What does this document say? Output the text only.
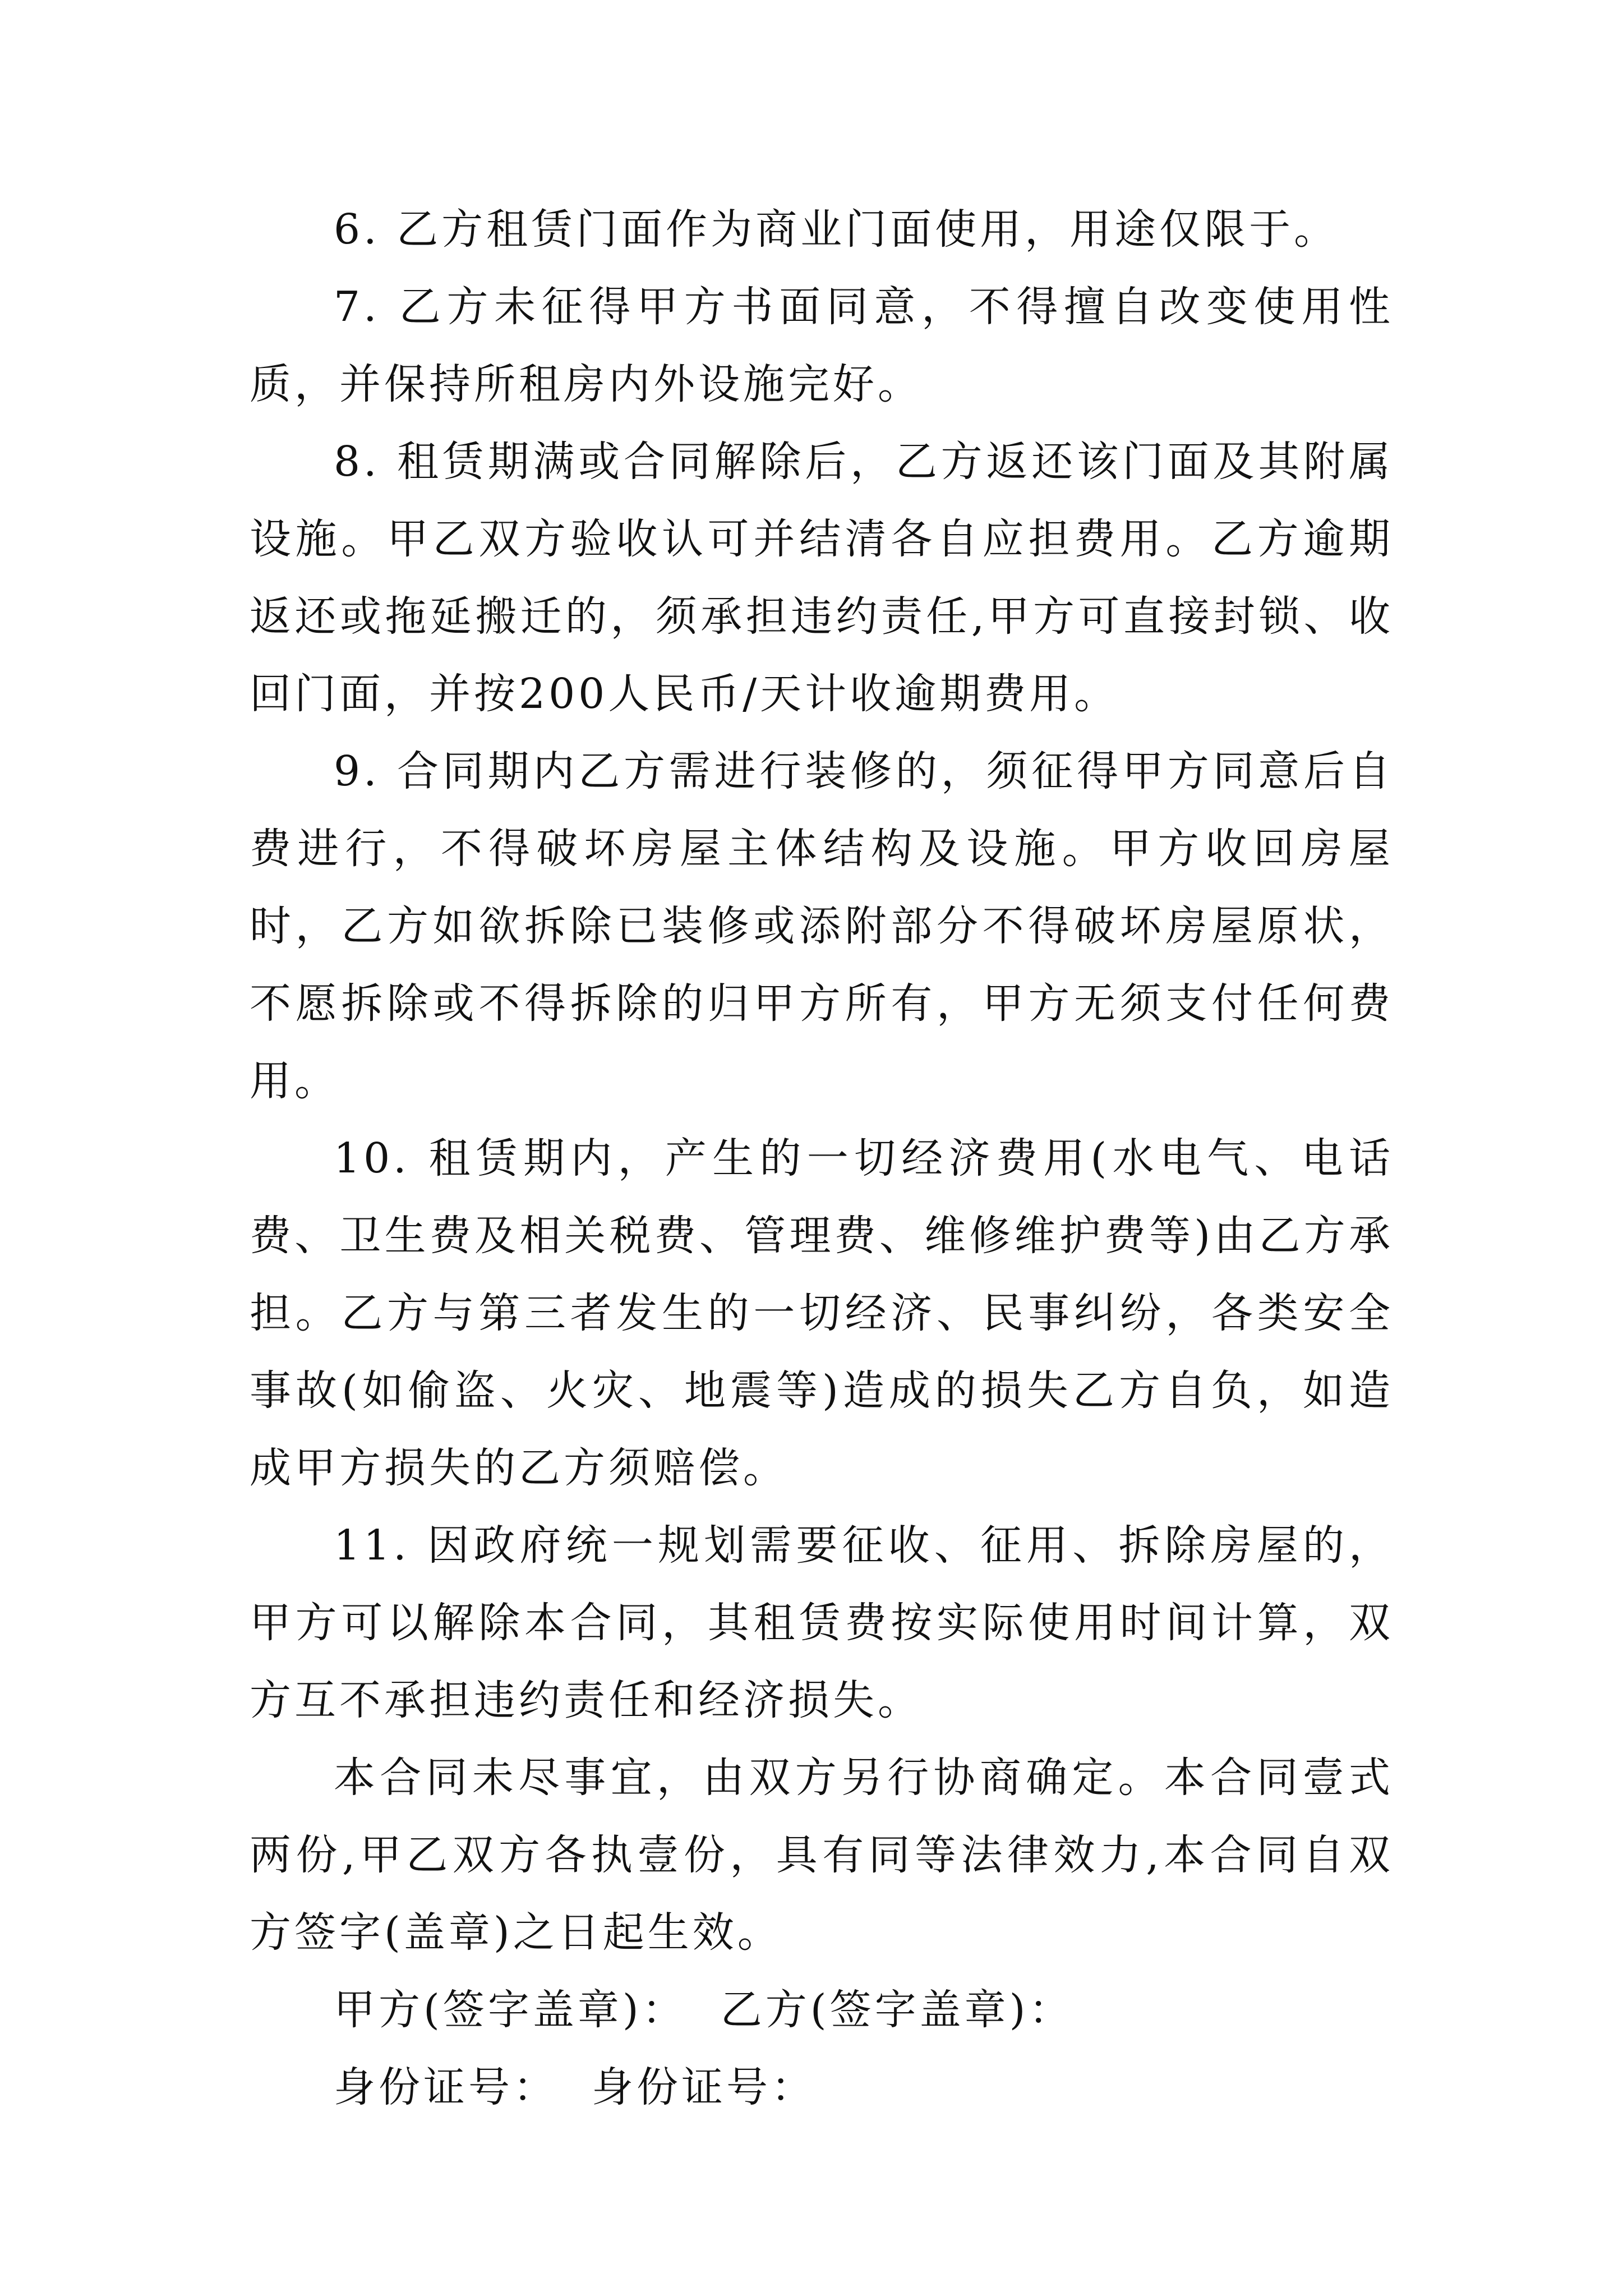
6. 乙方租赁门面作为商业门面使用，用途仅限于。

7. 乙方未征得甲方书面同意，不得擅自改变使用性质，并保持所租房内外设施完好。

8. 租赁期满或合同解除后，乙方返还该门面及其附属设施。甲乙双方验收认可并结清各自应担费用。乙方逾期返还或拖延搬迁的，须承担违约责任,甲方可直接封锁、收回门面，并按200人民币/天计收逾期费用。

9. 合同期内乙方需进行装修的，须征得甲方同意后自费进行，不得破坏房屋主体结构及设施。甲方收回房屋时，乙方如欲拆除已装修或添附部分不得破坏房屋原状，不愿拆除或不得拆除的归甲方所有，甲方无须支付任何费用。

10. 租赁期内，产生的一切经济费用(水电气、电话费、卫生费及相关税费、管理费、维修维护费等)由乙方承担。乙方与第三者发生的一切经济、民事纠纷，各类安全事故(如偷盗、火灾、地震等)造成的损失乙方自负，如造成甲方损失的乙方须赔偿。

11. 因政府统一规划需要征收、征用、拆除房屋的，甲方可以解除本合同，其租赁费按实际使用时间计算，双方互不承担违约责任和经济损失。

本合同未尽事宜，由双方另行协商确定。本合同壹式两份,甲乙双方各执壹份，具有同等法律效力,本合同自双方签字(盖章)之日起生效。

甲方(签字盖章)： 乙方(签字盖章)：

身份证号： 身份证号：
